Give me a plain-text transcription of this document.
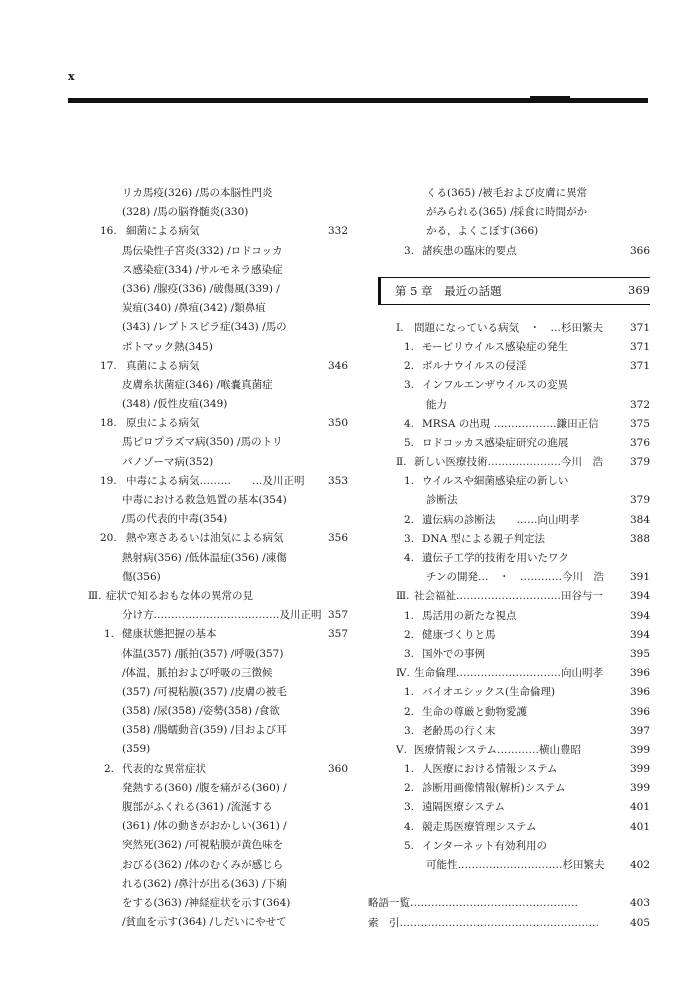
x
リカ馬疫(326) /馬の本脳性門炎
(328) /馬の脳脊髄炎(330)
16. 細菌による病気	332
馬伝染性子宮炎(332) /ロドコッカ
ス感染症(334) /サルモネラ感染症
(336) /腺疫(336) /破傷風(339) /
炭疽(340) /鼻疽(342) /類鼻疽
(343) /レプトスピラ症(343) /馬の
ポトマック熱(345)
17. 真菌による病気	346
皮膚糸状菌症(346) /喉嚢真菌症
(348) /仮性皮疽(349)
18. 原虫による病気	350
馬ピロプラズマ病(350) /馬のトリ
パノゾーマ病(352)
19. 中毒による病気………　　…及川正明 353
中毒における救急処置の基本(354)
/馬の代表的中毒(354)
20. 熱や寒さあるいは油気による病気	356
熱射病(356) /低体温症(356) /凍傷
傷(356)
Ⅲ. 症状で知るおもな体の異常の見
分け方………………………………及川正明 357
1. 健康状態把握の基本	357
体温(357) /脈拍(357) /呼吸(357)
/体温，脈拍および呼吸の三徴候
(357) /可視粘膜(357) /皮膚の被毛
(358) /尿(358) /姿勢(358) /食欲
(358) /腸蠕動音(359) /目および耳
(359)
2. 代表的な異常症状	360
発熱する(360) /腹を痛がる(360) /
腹部がふくれる(361) /流涎する
(361) /体の動きがおかしい(361) /
突然死(362) /可視粘膜が黄色味を
おびる(362) /体のむくみが感じら
れる(362) /鼻汁が出る(363) /下痢
をする(363) /神経症状を示す(364)
/貧血を示す(364) /しだいにやせて
くる(365) /被毛および皮膚に異常
がみられる(365) /採食に時間がか
かる，よくこぼす(366)
3. 諸疾患の臨床的要点	366
第 5 章　最近の話題	369
Ⅰ. 問題になっている病気　・　…杉田繁夫	371
1. モービリウイルス感染症の発生	371
2. ボルナウイルスの侵淫	371
3. インフルエンザウイルスの変異
能力	372
4. MRSA の出現 ………………鎌田正信	375
5. ロドコッカス感染症研究の進展	376
Ⅱ. 新しい医療技術…………………今川　浩	379
1. ウイルスや細菌感染症の新しい
診断法	379
2. 遺伝病の診断法　　……向山明孝	384
3. DNA 型による親子判定法	388
4. 遺伝子工学的技術を用いたワク
チンの開発…　・　…………今川　浩 391
Ⅲ. 社会福祉…………………………田谷与一	394
1. 馬活用の新たな視点	394
2. 健康づくりと馬	394
3. 国外での事例	395
Ⅳ. 生命倫理…………………………向山明孝	396
1. バイオエシックス(生命倫理)	396
2. 生命の尊厳と動物愛護	396
3. 老齢馬の行く末	397
Ⅴ. 医療情報システム…………横山豊昭	399
1. 人医療における情報システム	399
2. 診断用画像情報(解析)システム	399
3. 遠隔医療システム	401
4. 競走馬医療管理システム	401
5. インターネット有効利用の
可能性…………………………杉田繁夫 402
略語一覧…………………………………………	403
索　引…………………………………………………	405
